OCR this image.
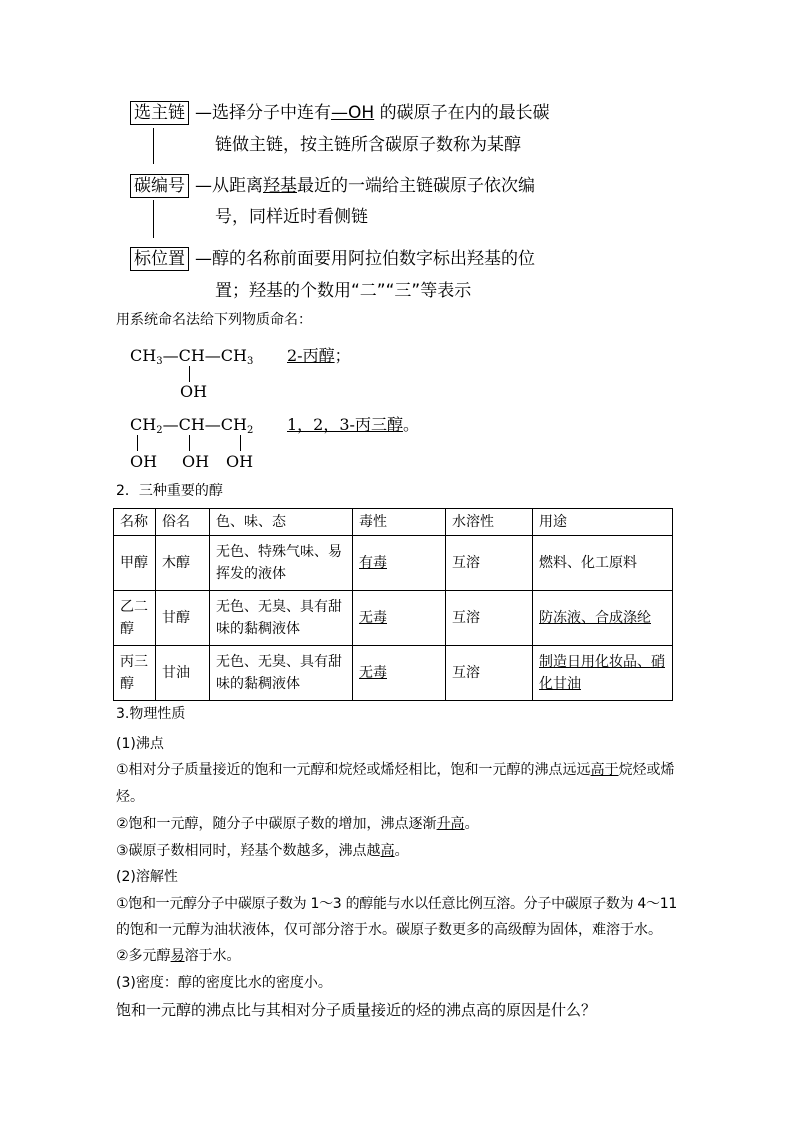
选主链 —选择分子中连有—OH 的碳原子在内的最长碳
链做主链，按主链所含碳原子数称为某醇
碳编号 —从距离羟基最近的一端给主链碳原子依次编
号，同样近时看侧链
标位置 —醇的名称前面要用阿拉伯数字标出羟基的位
置；羟基的个数用“二”“三”等表示
用系统命名法给下列物质命名：
$CH_3—CH—CH_3$
OH
2-丙醇；
$CH_2—CH—CH_2$
OH OH OH
1，2，3-丙三醇。
2．三种重要的醇
名称	俗名	色、味、态	毒性	水溶性	用途
甲醇	木醇	无色、特殊气味、易挥发的液体	有毒	互溶	燃料、化工原料
乙二醇	甘醇	无色、无臭、具有甜味的黏稠液体	无毒	互溶	防冻液、合成涤纶
丙三醇	甘油	无色、无臭、具有甜味的黏稠液体	无毒	互溶	制造日用化妆品、硝化甘油
3.物理性质
(1)沸点
①相对分子质量接近的饱和一元醇和烷烃或烯烃相比，饱和一元醇的沸点远远高于烷烃或烯
烃。
②饱和一元醇，随分子中碳原子数的增加，沸点逐渐升高。
③碳原子数相同时，羟基个数越多，沸点越高。
(2)溶解性
①饱和一元醇分子中碳原子数为 1～3 的醇能与水以任意比例互溶。分子中碳原子数为 4～11
的饱和一元醇为油状液体，仅可部分溶于水。碳原子数更多的高级醇为固体，难溶于水。
②多元醇易溶于水。
(3)密度：醇的密度比水的密度小。
饱和一元醇的沸点比与其相对分子质量接近的烃的沸点高的原因是什么？
